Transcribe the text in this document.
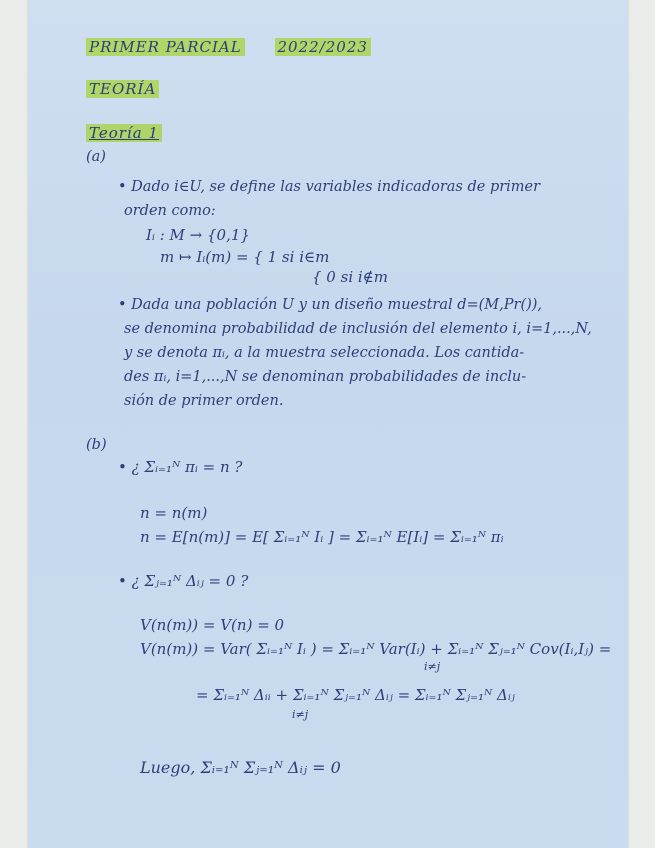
PRIMER PARCIAL 2022/2023
TEORÍA
Teoría 1
(a)
• Dado i∈U, se define las variables indicadoras de primer
orden como:
Iᵢ : M → {0,1}
m ↦ Iᵢ(m) = { 1 si i∈m
{ 0 si i∉m
• Dada una población U y un diseño muestral d=(M,Pr()),
se denomina probabilidad de inclusión del elemento i, i=1,...,N,
y se denota πᵢ, a la muestra seleccionada. Los cantida-
des πᵢ, i=1,...,N se denominan probabilidades de inclu-
sión de primer orden.
(b)
• ¿ Σᵢ₌₁ᴺ πᵢ = n ?
n = n(m)
n = E[n(m)] = E[ Σᵢ₌₁ᴺ Iᵢ ] = Σᵢ₌₁ᴺ E[Iᵢ] = Σᵢ₌₁ᴺ πᵢ
• ¿ Σⱼ₌₁ᴺ Δᵢⱼ = 0 ?
V(n(m)) = V(n) = 0
V(n(m)) = Var( Σᵢ₌₁ᴺ Iᵢ ) = Σᵢ₌₁ᴺ Var(Iᵢ) + Σᵢ₌₁ᴺ Σⱼ₌₁ᴺ Cov(Iᵢ,Iⱼ) =
i≠j
= Σᵢ₌₁ᴺ Δᵢᵢ + Σᵢ₌₁ᴺ Σⱼ₌₁ᴺ Δᵢⱼ = Σᵢ₌₁ᴺ Σⱼ₌₁ᴺ Δᵢⱼ
i≠j
Luego, Σᵢ₌₁ᴺ Σⱼ₌₁ᴺ Δᵢⱼ = 0
